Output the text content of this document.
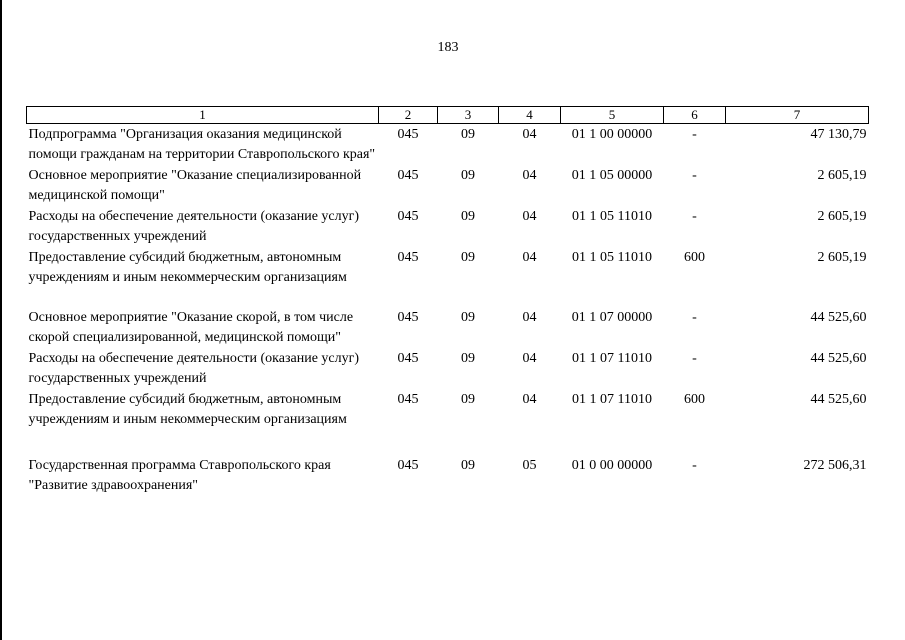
183
1	2	3	4	5	6	7
Подпрограмма "Организация оказания медицинской помощи гражданам на территории Ставропольского края"	045	09	04	01 1 00 00000	-	47 130,79
Основное мероприятие "Оказание специализированной медицинской помощи"	045	09	04	01 1 05 00000	-	2 605,19
Расходы на обеспечение деятельности (оказание услуг) государственных учреждений	045	09	04	01 1 05 11010	-	2 605,19
Предоставление субсидий бюджетным, автономным учреждениям и иным некоммерческим организациям	045	09	04	01 1 05 11010	600	2 605,19
Основное мероприятие "Оказание скорой, в том числе скорой специализированной, медицинской помощи"	045	09	04	01 1 07 00000	-	44 525,60
Расходы на обеспечение деятельности (оказание услуг) государственных учреждений	045	09	04	01 1 07 11010	-	44 525,60
Предоставление субсидий бюджетным, автономным учреждениям и иным некоммерческим организациям	045	09	04	01 1 07 11010	600	44 525,60
Государственная программа Ставропольского края "Развитие здравоохранения"	045	09	05	01 0 00 00000	-	272 506,31
